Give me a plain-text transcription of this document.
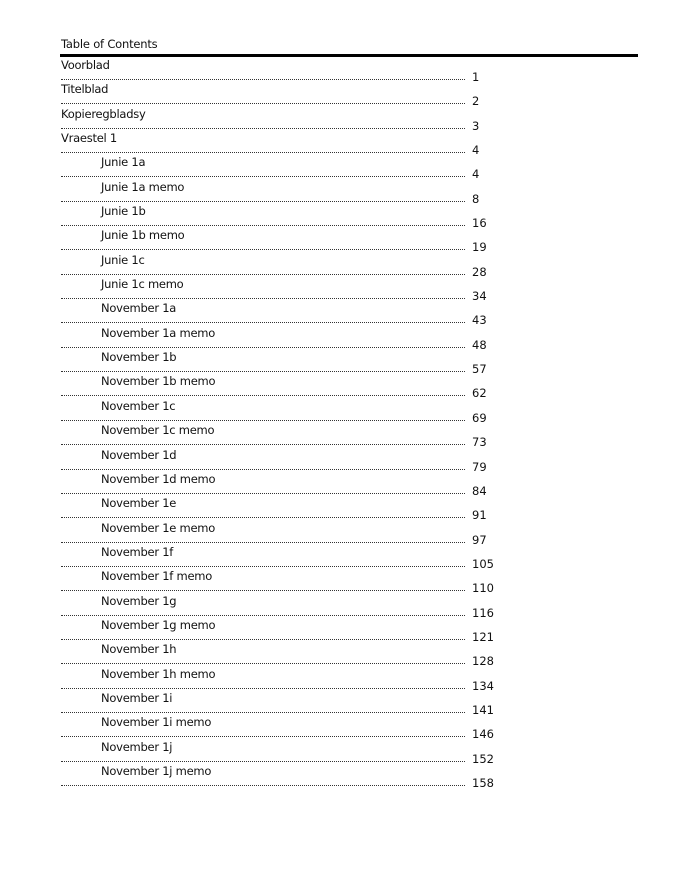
Table of Contents
Voorblad
1
Titelblad
2
Kopieregbladsy
3
Vraestel 1
4
Junie 1a
4
Junie 1a memo
8
Junie 1b
16
Junie 1b memo
19
Junie 1c
28
Junie 1c memo
34
November 1a
43
November 1a memo
48
November 1b
57
November 1b memo
62
November 1c
69
November 1c memo
73
November 1d
79
November 1d memo
84
November 1e
91
November 1e memo
97
November 1f
105
November 1f memo
110
November 1g
116
November 1g memo
121
November 1h
128
November 1h memo
134
November 1i
141
November 1i memo
146
November 1j
152
November 1j memo
158
